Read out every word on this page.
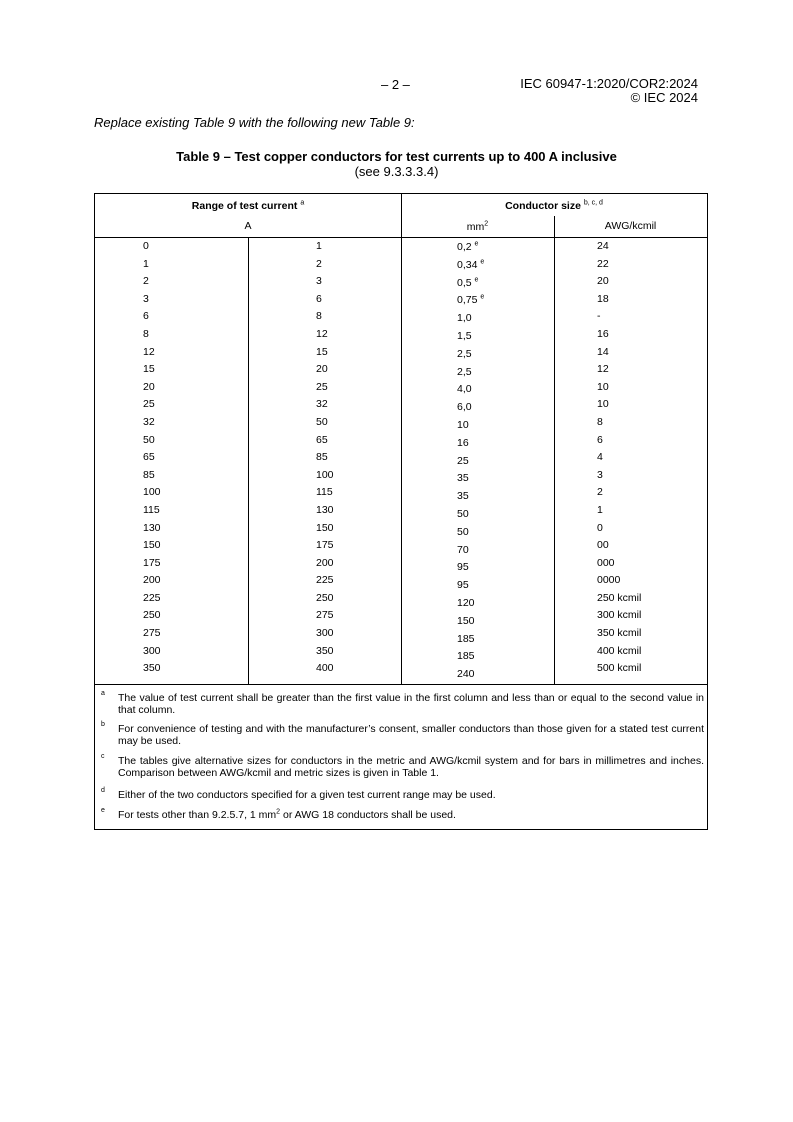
– 2 –	IEC 60947-1:2020/COR2:2024
© IEC 2024
Replace existing Table 9 with the following new Table 9:
Table 9 – Test copper conductors for test currents up to 400 A inclusive
(see 9.3.3.3.4)
Range of test current $^a$
A
Conductor size $^{b, c, d}$
$mm^2$	AWG/kcmil
0
1
2
3
6
8
12
15
20
25
32
50
65
85
100
115
130
150
175
200
225
250
275
300
350
1
2
3
6
8
12
15
20
25
32
50
65
85
100
115
130
150
175
200
225
250
275
300
350
400
0,2 $^e$
0,34 $^e$
0,5 $^e$
0,75 $^e$
1,0
1,5
2,5
2,5
4,0
6,0
10
16
25
35
35
50
50
70
95
95
120
150
185
185
240
24
22
20
18
-
16
14
12
10
10
8
6
4
3
2
1
0
00
000
0000
250 kcmil
300 kcmil
350 kcmil
400 kcmil
500 kcmil
a The value of test current shall be greater than the first value in the first column and less than or equal to the second value in that column.
b For convenience of testing and with the manufacturer’s consent, smaller conductors than those given for a stated test current may be used.
c The tables give alternative sizes for conductors in the metric and AWG/kcmil system and for bars in millimetres and inches. Comparison between AWG/kcmil and metric sizes is given in Table 1.
d Either of the two conductors specified for a given test current range may be used.
e For tests other than 9.2.5.7, 1 $mm^2$ or AWG 18 conductors shall be used.
